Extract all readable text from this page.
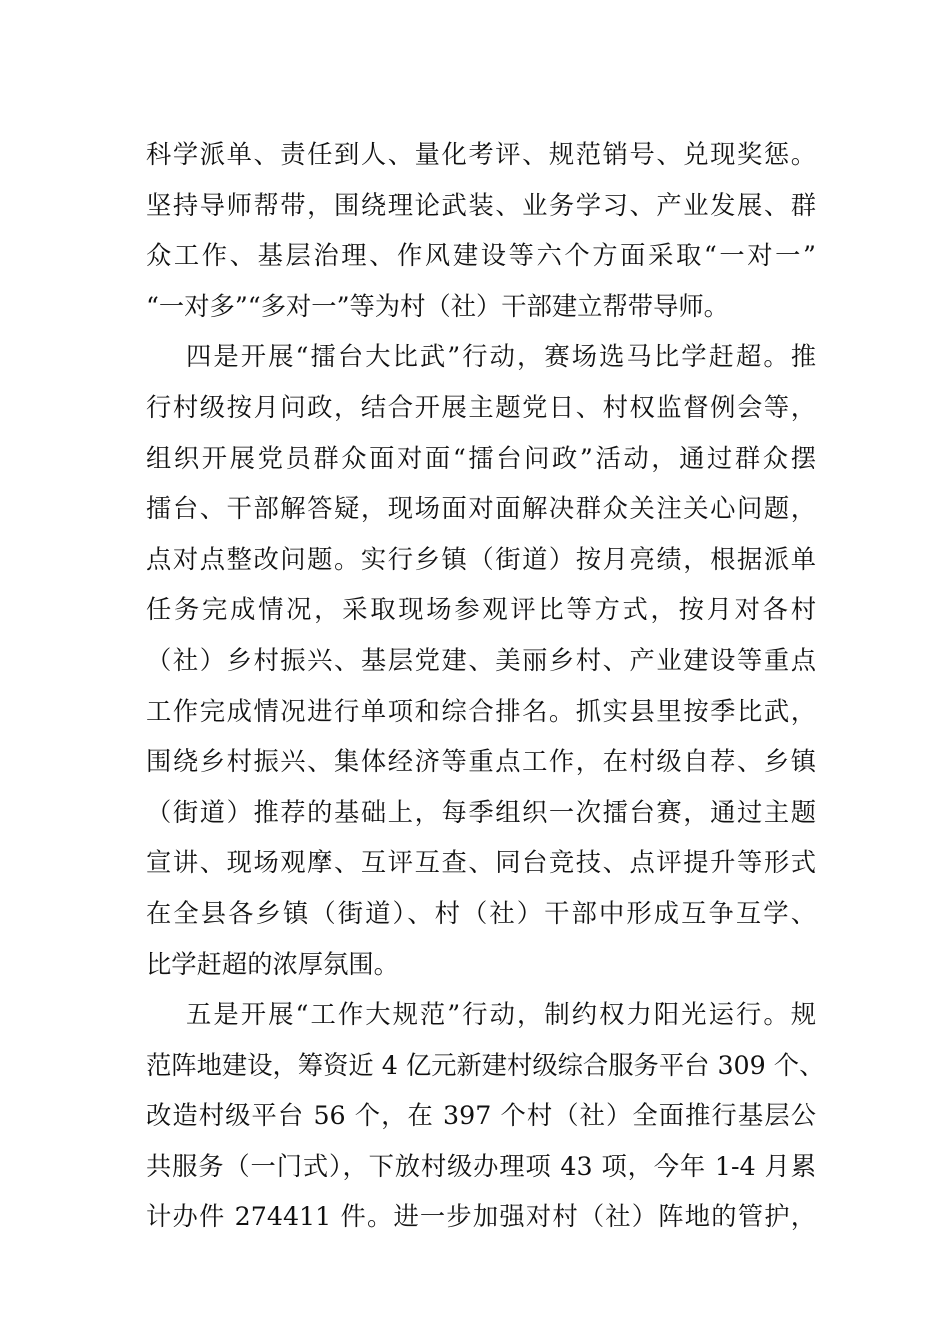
科学派单、责任到人、量化考评、规范销号、兑现奖惩。
坚持导师帮带，围绕理论武装、业务学习、产业发展、群
众工作、基层治理、作风建设等六个方面采取“一对一”
“一对多”“多对一”等为村（社）干部建立帮带导师。
四是开展“擂台大比武”行动，赛场选马比学赶超。推
行村级按月问政，结合开展主题党日、村权监督例会等，
组织开展党员群众面对面“擂台问政”活动，通过群众摆
擂台、干部解答疑，现场面对面解决群众关注关心问题，
点对点整改问题。实行乡镇（街道）按月亮绩，根据派单
任务完成情况，采取现场参观评比等方式，按月对各村
（社）乡村振兴、基层党建、美丽乡村、产业建设等重点
工作完成情况进行单项和综合排名。抓实县里按季比武，
围绕乡村振兴、集体经济等重点工作，在村级自荐、乡镇
（街道）推荐的基础上，每季组织一次擂台赛，通过主题
宣讲、现场观摩、互评互查、同台竞技、点评提升等形式
在全县各乡镇（街道）、村（社）干部中形成互争互学、
比学赶超的浓厚氛围。
五是开展“工作大规范”行动，制约权力阳光运行。规
范阵地建设，筹资近 4 亿元新建村级综合服务平台 309 个、
改造村级平台 56 个，在 397 个村（社）全面推行基层公
共服务（一门式），下放村级办理项 43 项，今年 1-4 月累
计办件 274411 件。进一步加强对村（社）阵地的管护，
